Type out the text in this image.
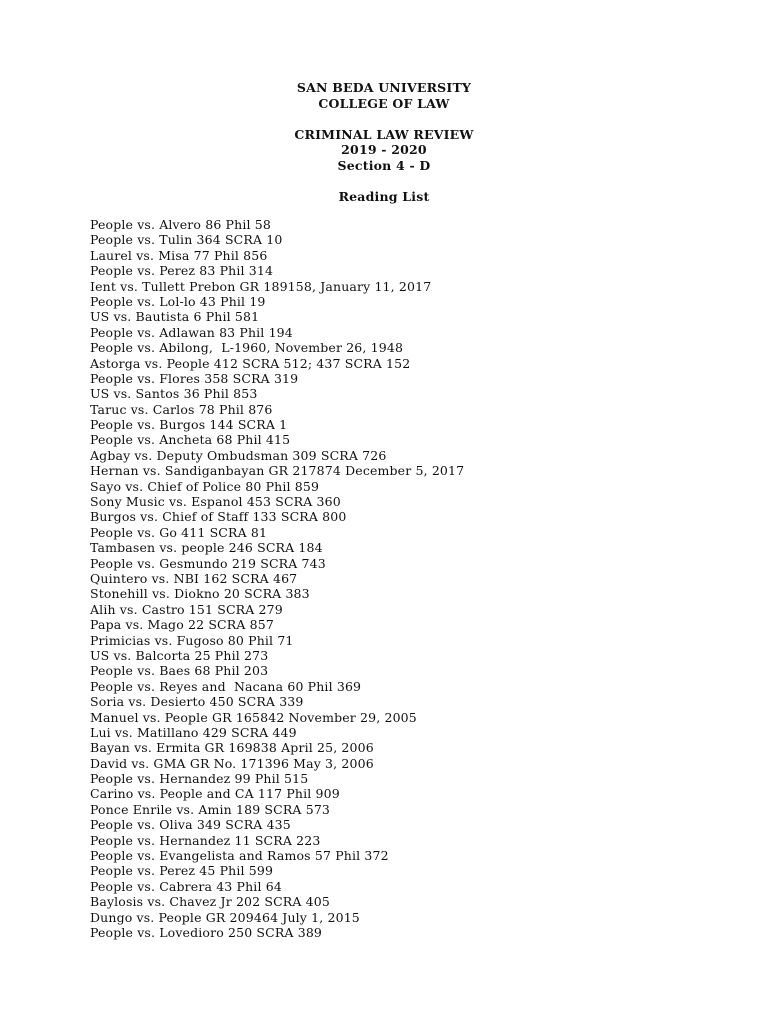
SAN BEDA UNIVERSITY
COLLEGE OF LAW
CRIMINAL LAW REVIEW
2019 - 2020
Section 4 - D
Reading List
People vs. Alvero 86 Phil 58
People vs. Tulin 364 SCRA 10
Laurel vs. Misa 77 Phil 856
People vs. Perez 83 Phil 314
Ient vs. Tullett Prebon GR 189158, January 11, 2017
People vs. Lol-lo 43 Phil 19
US vs. Bautista 6 Phil 581
People vs. Adlawan 83 Phil 194
People vs. Abilong,  L-1960, November 26, 1948
Astorga vs. People 412 SCRA 512; 437 SCRA 152
People vs. Flores 358 SCRA 319
US vs. Santos 36 Phil 853
Taruc vs. Carlos 78 Phil 876
People vs. Burgos 144 SCRA 1
People vs. Ancheta 68 Phil 415
Agbay vs. Deputy Ombudsman 309 SCRA 726
Hernan vs. Sandiganbayan GR 217874 December 5, 2017
Sayo vs. Chief of Police 80 Phil 859
Sony Music vs. Espanol 453 SCRA 360
Burgos vs. Chief of Staff 133 SCRA 800
People vs. Go 411 SCRA 81
Tambasen vs. people 246 SCRA 184
People vs. Gesmundo 219 SCRA 743
Quintero vs. NBI 162 SCRA 467
Stonehill vs. Diokno 20 SCRA 383
Alih vs. Castro 151 SCRA 279
Papa vs. Mago 22 SCRA 857
Primicias vs. Fugoso 80 Phil 71
US vs. Balcorta 25 Phil 273
People vs. Baes 68 Phil 203
People vs. Reyes and  Nacana 60 Phil 369
Soria vs. Desierto 450 SCRA 339
Manuel vs. People GR 165842 November 29, 2005
Lui vs. Matillano 429 SCRA 449
Bayan vs. Ermita GR 169838 April 25, 2006
David vs. GMA GR No. 171396 May 3, 2006
People vs. Hernandez 99 Phil 515
Carino vs. People and CA 117 Phil 909
Ponce Enrile vs. Amin 189 SCRA 573
People vs. Oliva 349 SCRA 435
People vs. Hernandez 11 SCRA 223
People vs. Evangelista and Ramos 57 Phil 372
People vs. Perez 45 Phil 599
People vs. Cabrera 43 Phil 64
Baylosis vs. Chavez Jr 202 SCRA 405
Dungo vs. People GR 209464 July 1, 2015
People vs. Lovedioro 250 SCRA 389
